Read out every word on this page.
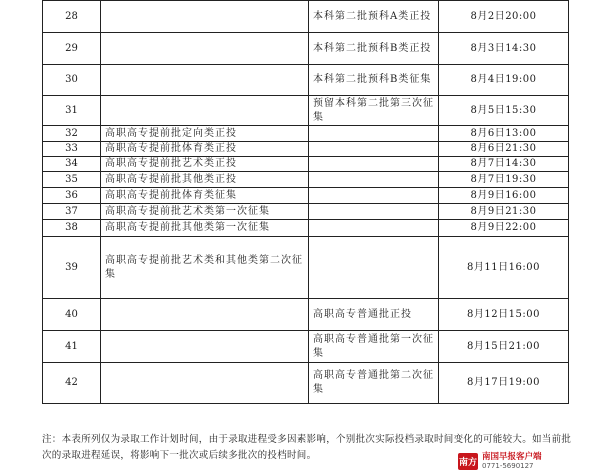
28		本科第二批预科A类正投	8月2日20:00
29		本科第二批预科B类正投	8月3日14:30
30		本科第二批预科B类征集	8月4日19:00
31		预留本科第二批第三次征集	8月5日15:30
32	高职高专提前批定向类正投		8月6日13:00
33	高职高专提前批体育类正投		8月6日21:30
34	高职高专提前批艺术类正投		8月7日14:30
35	高职高专提前批其他类正投		8月7日19:30
36	高职高专提前批体育类征集		8月9日16:00
37	高职高专提前批艺术类第一次征集		8月9日21:30
38	高职高专提前批其他类第一次征集		8月9日22:00
39	高职高专提前批艺术类和其他类第二次征集		8月11日16:00
40		高职高专普通批正投	8月12日15:00
41		高职高专普通批第一次征集	8月15日21:00
42		高职高专普通批第二次征集	8月17日19:00
注：本表所列仅为录取工作计划时间，由于录取进程受多因素影响，个别批次实际投档录取时间变化的可能较大。如当前批次的录取进程延误，将影响下一批次或后续多批次的投档时间。
南方
南国早报客户端
0771-5690127
